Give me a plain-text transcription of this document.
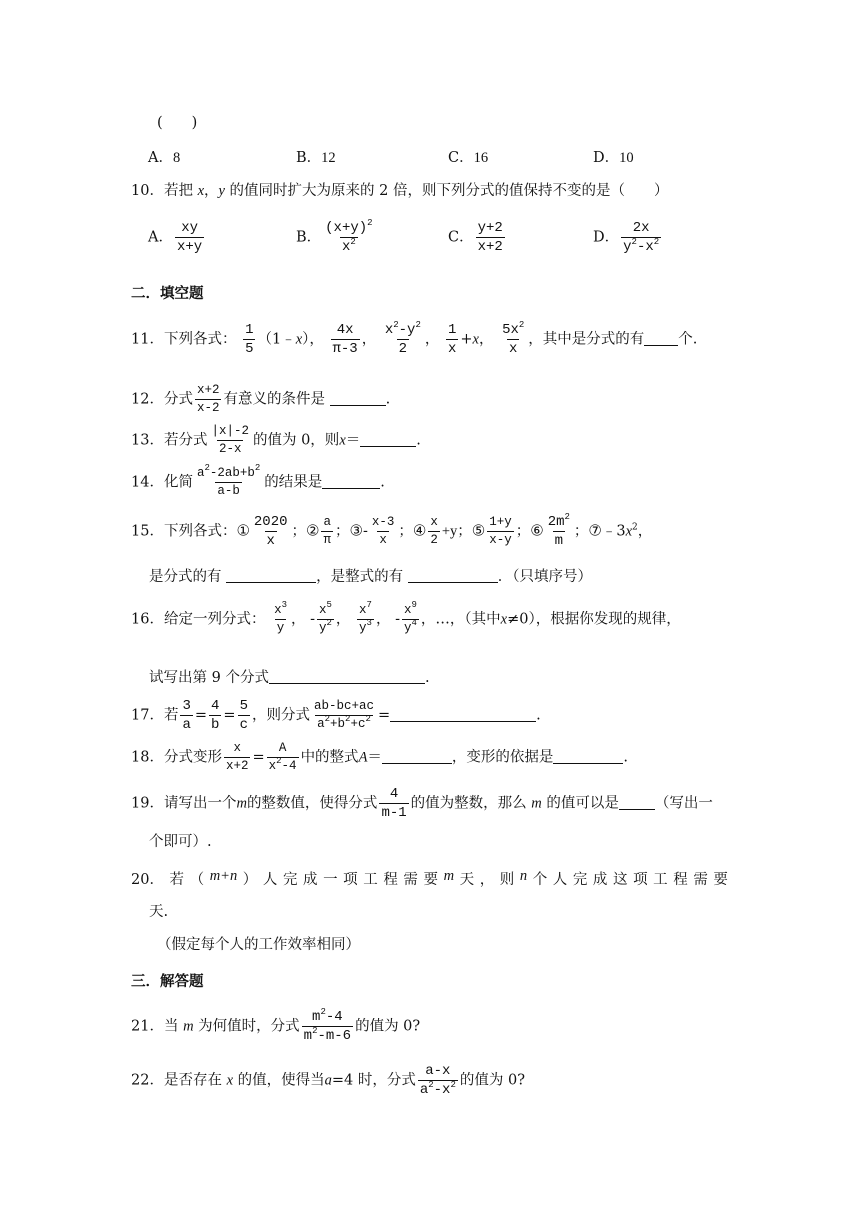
(　　)
A．8	B．12	C．16	D．10
10．若把 x，y 的值同时扩大为原来的 2 倍，则下列分式的值保持不变的是（　　）
A． $\frac{xy}{x+y}$	B． $\frac{(x+y)^2}{x^2}$	C． $\frac{y+2}{x+2}$	D． $\frac{2x}{y^2-x^2}$
二．填空题
11．下列各式： $\frac{1}{5}$ （1﹣x）， $\frac{4x}{\pi-3}$ ， $\frac{x^2-y^2}{2}$ ， $\frac{1}{x} +x$， $\frac{5x^2}{x}$ ，其中是分式的有 个.
12．分式 $\frac{x+2}{x-2}$ 有意义的条件是	.
13．若分式 $\frac{|x|-2}{2-x}$ 的值为 0，则x＝	.
14．化简 $\frac{a^2-2ab+b^2}{a-b}$ 的结果是	.
15．下列各式：① $\frac{2020}{x}$ ；② $\frac{a}{\pi}$ ；③- $\frac{x-3}{x}$ ；④ $\frac{x}{2} +y$；⑤ $\frac{1+y}{x-y}$ ；⑥ $\frac{2m^2}{m}$ ；$⑦﹣3x^2$，
是分式的有	，是整式的有	．（只填序号）
16．给定一列分式： $\frac{x^3}{y}$ ， - $\frac{x^5}{y^2}$ ， $\frac{x^7}{y^3}$ ， - $\frac{x^9}{y^4}$ ，…，（其中x≠0），根据你发现的规律，
试写出第 9 个分式	.
17．若 $\frac{3}{a} = \frac{4}{b} = \frac{5}{c}$ ，则分式 $\frac{ab-bc+ac}{a^2+b^2+c^2}$ =	.
18．分式变形 $\frac{x}{x+2} = \frac{A}{x^2-4}$ 中的整式A＝	，变形的依据是	.
19．请写出一个m的整数值，使得分式 $\frac{4}{m-1}$ 的值为整数，那么 m 的值可以是 （写出一
个即可）.
20． 若 （ m+n ） 人 完 成 一 项 工 程 需 要 m 天 ， 则 n 个 人 完 成 这 项 工 程 需 要
天.
（假定每个人的工作效率相同）
三．解答题
21．当 m 为何值时，分式 $\frac{m^2-4}{m^2-m-6}$ 的值为 0?
22．是否存在 x 的值，使得当a=4 时，分式 $\frac{a-x}{a^2-x^2}$ 的值为 0?
